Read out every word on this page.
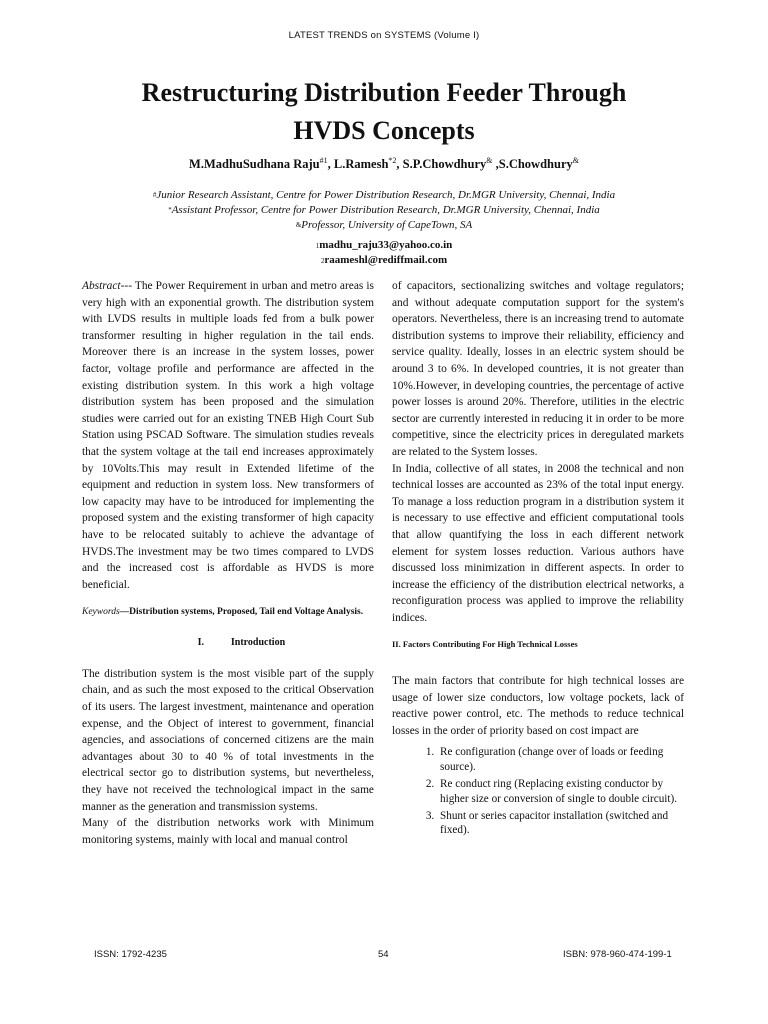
LATEST TRENDS on SYSTEMS (Volume I)
Restructuring Distribution Feeder Through
HVDS Concepts
M.MadhuSudhana Raju$^{\#1}$, L.Ramesh$^{*2}$, S.P.Chowdhury& ,S.Chowdhury&
#Junior Research Assistant, Centre for Power Distribution Research, Dr.MGR University, Chennai, India
*Assistant Professor, Centre for Power Distribution Research, Dr.MGR University, Chennai, India
&Professor, University of CapeTown, SA
1madhu_raju33@yahoo.co.in
2raameshl@rediffmail.com

Abstract--- The Power Requirement in urban and metro areas is very high with an exponential growth. The distribution system with LVDS results in multiple loads fed from a bulk power transformer resulting in higher regulation in the tail ends. Moreover there is an increase in the system losses, power factor, voltage profile and performance are affected in the existing distribution system. In this work a high voltage distribution system has been proposed and the simulation studies were carried out for an existing TNEB High Court Sub Station using PSCAD Software. The simulation studies reveals that the system voltage at the tail end increases approximately by 10Volts.This may result in Extended lifetime of the equipment and reduction in system loss. New transformers of low capacity may have to be introduced for implementing the proposed system and the existing transformer of high capacity have to be relocated suitably to achieve the advantage of HVDS.The investment may be two times compared to LVDS and the increased cost is affordable as HVDS is more beneficial.

Keywords—Distribution systems, Proposed, Tail end Voltage Analysis.

I.	Introduction

The distribution system is the most visible part of the supply chain, and as such the most exposed to the critical Observation of its users. The largest investment, maintenance and operation expense, and the Object of interest to government, financial agencies, and associations of concerned citizens are the main advantages about 30 to 40 % of total investments in the electrical sector go to distribution systems, but nevertheless, they have not received the technological impact in the same manner as the generation and transmission systems.

Many of the distribution networks work with Minimum monitoring systems, mainly with local and manual control

of capacitors, sectionalizing switches and voltage regulators; and without adequate computation support for the system's operators. Nevertheless, there is an increasing trend to automate distribution systems to improve their reliability, efficiency and service quality. Ideally, losses in an electric system should be around 3 to 6%. In developed countries, it is not greater than 10%.However, in developing countries, the percentage of active power losses is around 20%. Therefore, utilities in the electric sector are currently interested in reducing it in order to be more competitive, since the electricity prices in deregulated markets are related to the System losses.

In India, collective of all states, in 2008 the technical and non technical losses are accounted as 23% of the total input energy. To manage a loss reduction program in a distribution system it is necessary to use effective and efficient computational tools that allow quantifying the loss in each different network element for system losses reduction. Various authors have discussed loss minimization in different aspects. In order to increase the efficiency of the distribution electrical networks, a reconfiguration process was applied to improve the reliability indices.

II. Factors Contributing For High Technical Losses

The main factors that contribute for high technical losses are usage of lower size conductors, low voltage pockets, lack of reactive power control, etc. The methods to reduce technical losses in the order of priority based on cost impact are

1. Re configuration (change over of loads or feeding source).
2. Re conduct ring (Replacing existing conductor by higher size or conversion of single to double circuit).
3. Shunt or series capacitor installation (switched and fixed).
ISSN: 1792-4235	54	ISBN: 978-960-474-199-1
